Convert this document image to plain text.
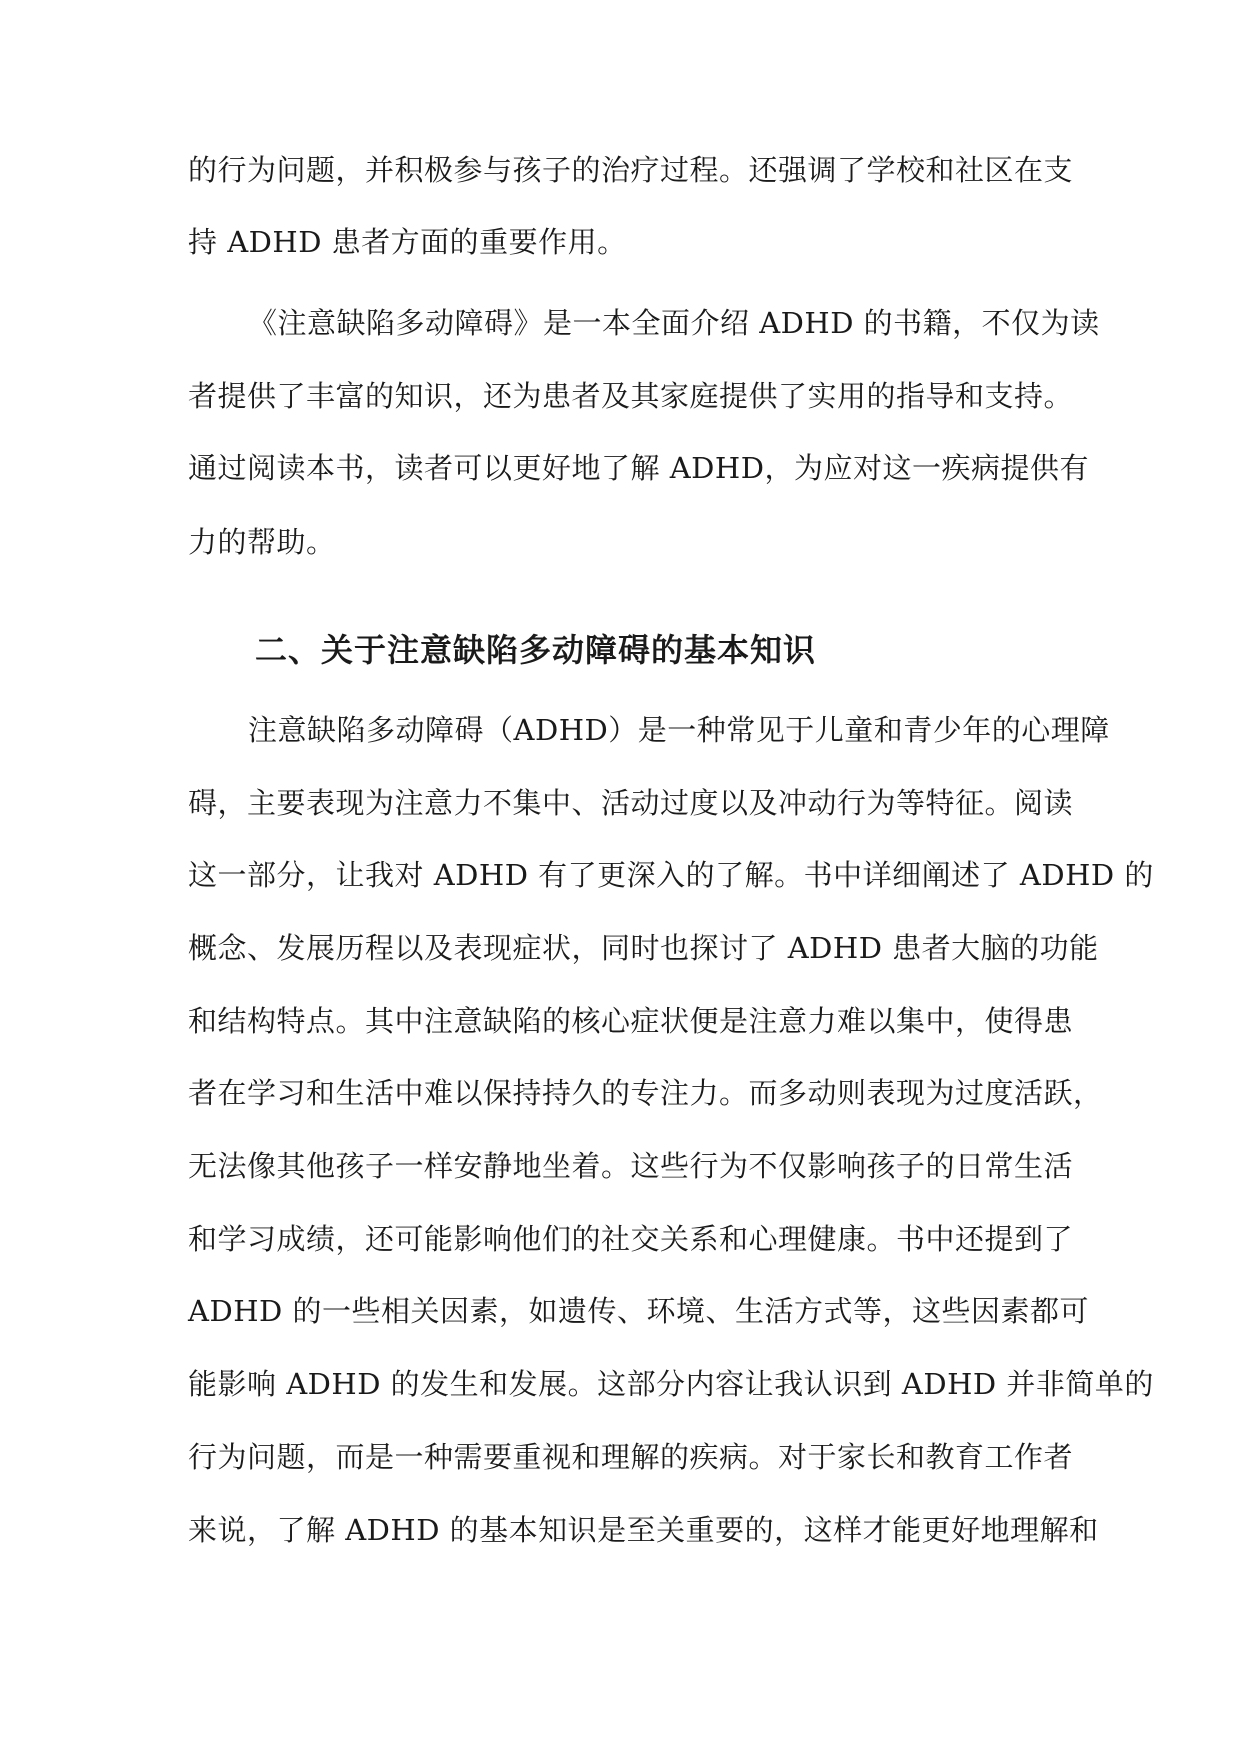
的行为问题，并积极参与孩子的治疗过程。还强调了学校和社区在支
持 ADHD 患者方面的重要作用。
《注意缺陷多动障碍》是一本全面介绍 ADHD 的书籍，不仅为读
者提供了丰富的知识，还为患者及其家庭提供了实用的指导和支持。
通过阅读本书，读者可以更好地了解 ADHD，为应对这一疾病提供有
力的帮助。
二、关于注意缺陷多动障碍的基本知识
注意缺陷多动障碍（ADHD）是一种常见于儿童和青少年的心理障
碍，主要表现为注意力不集中、活动过度以及冲动行为等特征。阅读
这一部分，让我对 ADHD 有了更深入的了解。书中详细阐述了 ADHD 的
概念、发展历程以及表现症状，同时也探讨了 ADHD 患者大脑的功能
和结构特点。其中注意缺陷的核心症状便是注意力难以集中，使得患
者在学习和生活中难以保持持久的专注力。而多动则表现为过度活跃，
无法像其他孩子一样安静地坐着。这些行为不仅影响孩子的日常生活
和学习成绩，还可能影响他们的社交关系和心理健康。书中还提到了
ADHD 的一些相关因素，如遗传、环境、生活方式等，这些因素都可
能影响 ADHD 的发生和发展。这部分内容让我认识到 ADHD 并非简单的
行为问题，而是一种需要重视和理解的疾病。对于家长和教育工作者
来说，了解 ADHD 的基本知识是至关重要的，这样才能更好地理解和
